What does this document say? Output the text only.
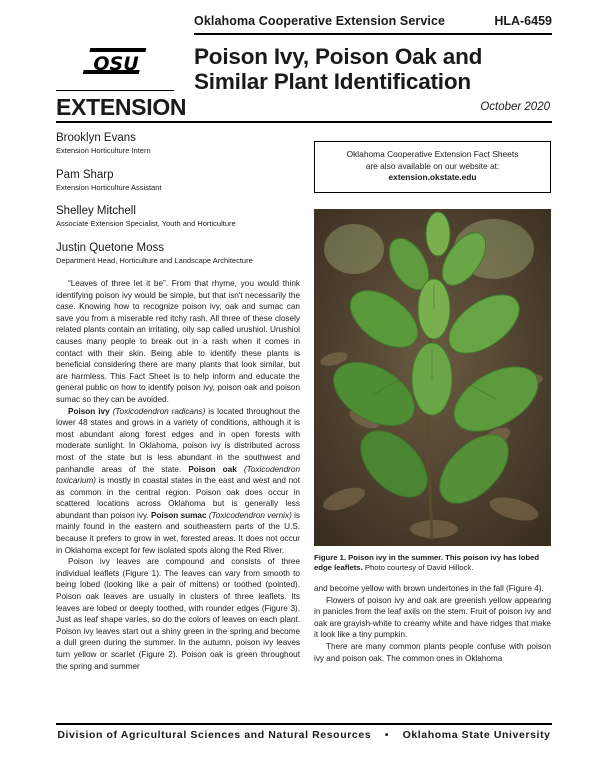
Oklahoma Cooperative Extension Service	HLA-6459
OSU
EXTENSION
Poison Ivy, Poison Oak and
Similar Plant Identification
October 2020
Brooklyn Evans
Extension Horticulture Intern
Pam Sharp
Extension Horticulture Assistant
Shelley Mitchell
Associate Extension Specialist, Youth and Horticulture
Justin Quetone Moss
Department Head, Horticulture and Landscape Architecture

“Leaves of three let it be”. From that rhyme, you would think identifying poison ivy would be simple, but that isn't necessarily the case. Knowing how to recognize poison ivy, oak and sumac can save you from a miserable red itchy rash. All three of these closely related plants contain an irritating, oily sap called urushiol. Urushiol causes many people to break out in a rash when it comes in contact with their skin. Being able to identify these plants is beneficial considering there are many plants that look similar, but are harmless. This Fact Sheet is to help inform and educate the general public on how to identify poison ivy, poison oak and poison sumac so they can be avoided.

Poison ivy (Toxicodendron radicans) is located throughout the lower 48 states and grows in a variety of conditions, although it is most abundant along forest edges and in open forests with moderate sunlight. In Oklahoma, poison ivy is distributed across most of the state but is less abundant in the southwest and panhandle areas of the state. Poison oak (Toxicodendron toxicarium) is mostly in coastal states in the east and west and not as common in the central region. Poison oak does occur in scattered locations across Oklahoma but is generally less abundant than poison ivy. Poison sumac (Toxicodendron vernix) is mainly found in the eastern and southeastern parts of the U.S. because it prefers to grow in wet, forested areas. It does not occur in Oklahoma except for few isolated spots along the Red River.

Poison ivy leaves are compound and consists of three individual leaflets (Figure 1). The leaves can vary from smooth to being lobed (looking like a pair of mittens) or toothed (pointed). Poison oak leaves are usually in clusters of three leaflets. Its leaves are lobed or deeply toothed, with rounder edges (Figure 3). Just as leaf shape varies, so do the colors of leaves on each plant. Poison ivy leaves start out a shiny green in the spring and become a dull green during the summer. In the autumn, poison ivy leaves turn yellow or scarlet (Figure 2). Poison oak is green throughout the spring and summer

Oklahoma Cooperative Extension Fact Sheets
are also available on our website at:
extension.okstate.edu
Figure 1. Poison ivy in the summer. This poison ivy has lobed edge leaflets. Photo courtesy of David Hillock.

and become yellow with brown undertones in the fall (Figure 4).

Flowers of poison ivy and oak are greenish yellow appearing in panicles from the leaf axils on the stem. Fruit of poison ivy and oak are grayish-white to creamy white and have ridges that make it look like a tiny pumpkin.

There are many common plants people confuse with poison ivy and poison oak. The common ones in Oklahoma

Division of Agricultural Sciences and Natural Resources • Oklahoma State University
